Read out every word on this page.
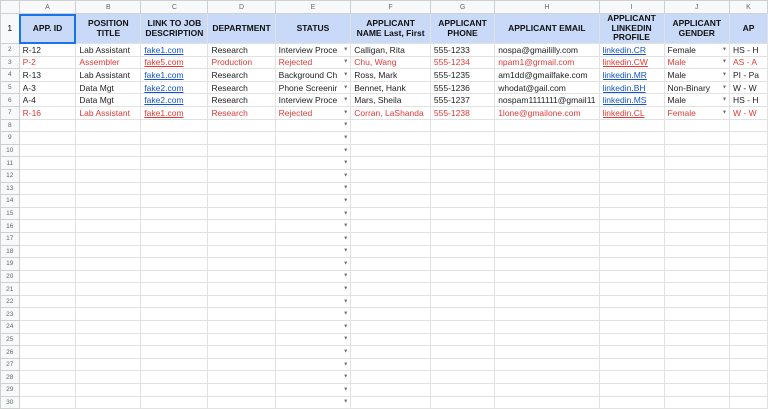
	A	B	C	D	E	F	G	H	I	J	K
1	APP. ID	POSITION TITLE	LINK TO JOB DESCRIPTION	DEPARTMENT	STATUS	APPLICANT NAME Last, First	APPLICANT PHONE	APPLICANT EMAIL	APPLICANT LINKEDIN PROFILE	APPLICANT GENDER	AP
2	R-12	Lab Assistant	fake1.com	Research	Interview Proce ▼	Calligan, Rita	555-1233	nospa@gmaililly.com	linkedin.CR	Female ▼	HS - H

3	P-2	Assembler	fake5.com	Production	Rejected ▼	Chu, Wang	555-1234	npam1@grmail.com	linkedin.CW	Male ▼	AS - A

4	R-13	Lab Assistant	fake1.com	Research	Background Ch ▼	Ross, Mark	555-1235	am1dd@gmailfake.com	linkedin.MR	Male ▼	PI - Pa

5	A-3	Data Mgt	fake2.com	Research	Phone Screenir ▼	Bennet, Hank	555-1236	whodat@gail.com	linkedin.BH	Non-Binary ▼	W - W

6	A-4	Data Mgt	fake2.com	Research	Interview Proce ▼	Mars, Sheila	555-1237	nospam1111111@gmail11	linkedin.MS	Male ▼	HS - H

7	R-16	Lab Assistant	fake1.com	Research	Rejected ▼	Corran, LaShanda	555-1238	1lone@gmailone.com	linkedin.CL	Female ▼	W - W

8					▼						

9					▼						

10					▼						

11					▼						

12					▼						

13					▼						

14					▼						

15					▼						

16					▼						

17					▼						

18					▼						

19					▼						

20					▼						

21					▼						

22					▼						

23					▼						

24					▼						

25					▼						

26					▼						

27					▼						

28					▼						

29					▼						

30					▼						
